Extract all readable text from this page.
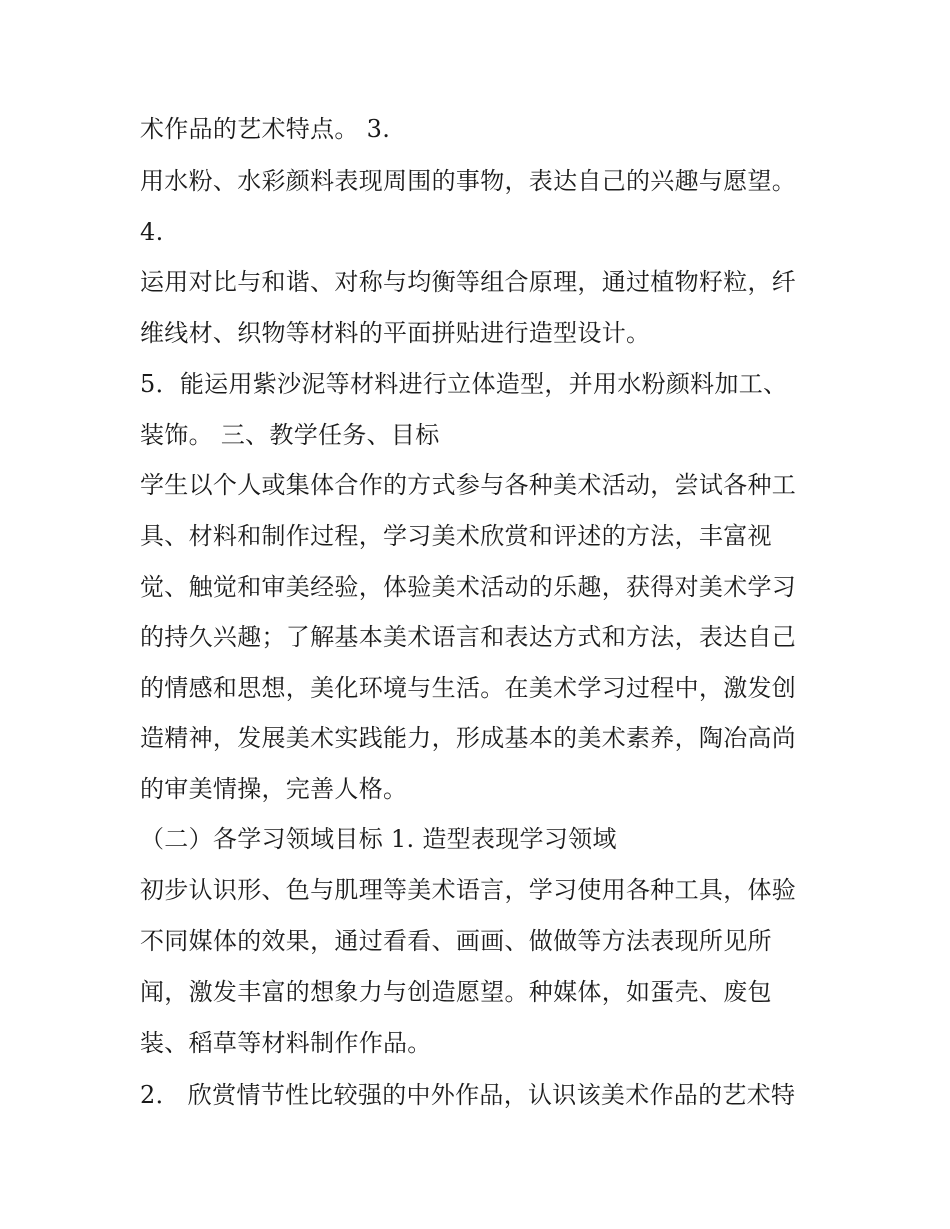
术作品的艺术特点。 3.
用水粉、水彩颜料表现周围的事物，表达自己的兴趣与愿望。
4.
运用对比与和谐、对称与均衡等组合原理，通过植物籽粒，纤
维线材、织物等材料的平面拼贴进行造型设计。
5．能运用紫沙泥等材料进行立体造型，并用水粉颜料加工、
装饰。 三、教学任务、目标
学生以个人或集体合作的方式参与各种美术活动，尝试各种工
具、材料和制作过程，学习美术欣赏和评述的方法，丰富视
觉、触觉和审美经验，体验美术活动的乐趣，获得对美术学习
的持久兴趣；了解基本美术语言和表达方式和方法，表达自己
的情感和思想，美化环境与生活。在美术学习过程中，激发创
造精神，发展美术实践能力，形成基本的美术素养，陶冶高尚
的审美情操，完善人格。
（二）各学习领域目标 1. 造型表现学习领域
初步认识形、色与肌理等美术语言，学习使用各种工具，体验
不同媒体的效果，通过看看、画画、做做等方法表现所见所
闻，激发丰富的想象力与创造愿望。种媒体，如蛋壳、废包
装、稻草等材料制作作品。
2． 欣赏情节性比较强的中外作品，认识该美术作品的艺术特
